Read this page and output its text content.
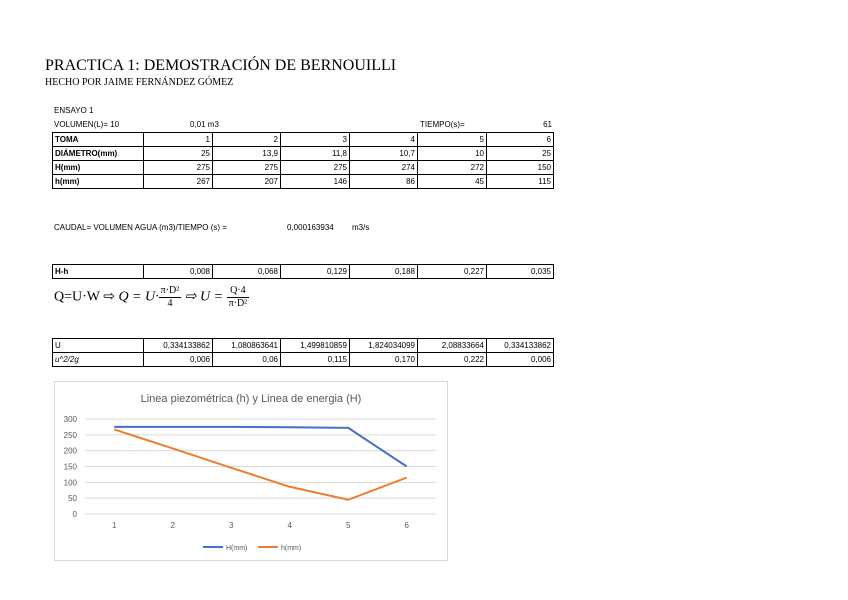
PRACTICA 1: DEMOSTRACIÓN DE BERNOUILLI
HECHO POR JAIME FERNÁNDEZ GÓMEZ
ENSAYO 1
VOLUMEN(L)= 10	0,01 m3	TIEMPO(s)=	61
TOMA	1	2	3	4	5	6
DIÁMETRO(mm)	25	13,9	11,8	10,7	10	25
H(mm)	275	275	275	274	272	150
h(mm)	267	207	146	86	45	115
CAUDAL= VOLUMEN AGUA (m3)/TIEMPO (s) =	0,000163934 m3/s
H-h	0,008	0,068	0,129	0,188	0,227	0,035
Q=U·W ⇨ $Q = U\cdot \frac{\text{π·D²}}{4}$ ⇨ $U = \frac{Q\cdot 4}{\text{π·D²}}$
U	0,334133862	1,080863641	1,499810859	1,824034099	2,08833664	0,334133862
u^2/2g	0,006	0,06	0,115	0,170	0,222	0,006
Linea piezométrica (h) y Linea de energia (H)
0
50
100
150
200
250
300
1	2	3	4	5	6
H(mm)	h(mm)
